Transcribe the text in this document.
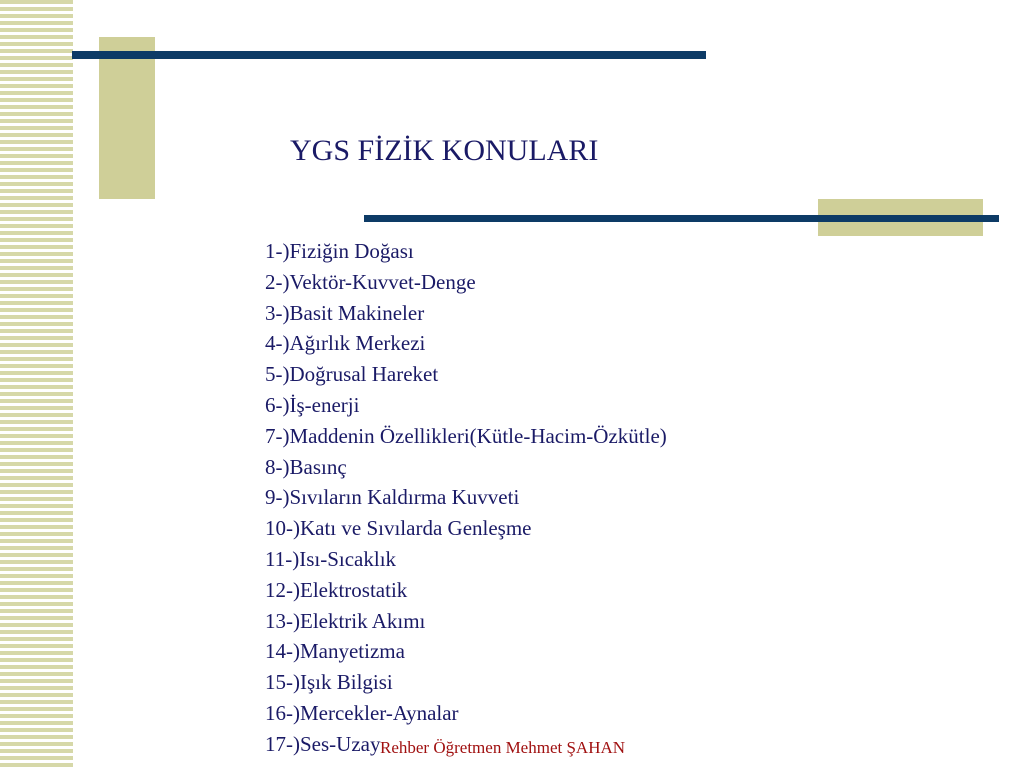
YGS FİZİK KONULARI
1-)Fiziğin Doğası
2-)Vektör-Kuvvet-Denge
3-)Basit Makineler
4-)Ağırlık Merkezi
5-)Doğrusal Hareket
6-)İş-enerji
7-)Maddenin Özellikleri(Kütle-Hacim-Özkütle)
8-)Basınç
9-)Sıvıların Kaldırma Kuvveti
10-)Katı ve Sıvılarda Genleşme
11-)Isı-Sıcaklık
12-)Elektrostatik
13-)Elektrik Akımı
14-)Manyetizma
15-)Işık Bilgisi
16-)Mercekler-Aynalar
17-)Ses-Uzay Rehber Öğretmen Mehmet ŞAHAN
